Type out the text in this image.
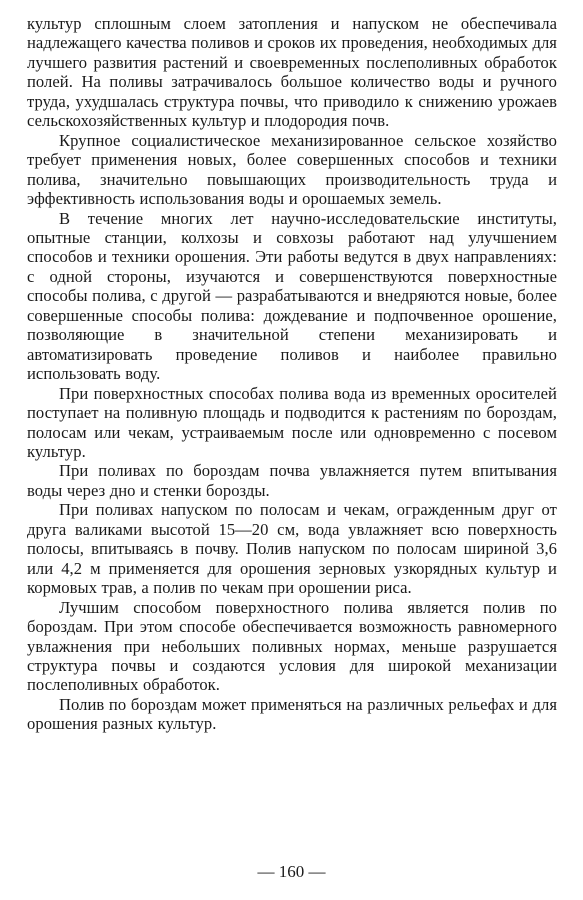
культур сплошным слоем затопления и напуском не обеспечивала надлежащего качества поливов и сроков их проведения, необходимых для лучшего развития растений и своевременных послеполивных обработок полей. На поливы затрачивалось большое количество воды и ручного труда, ухудшалась структура почвы, что приводило к снижению урожаев сельскохозяйственных культур и плодородия почв.

Крупное социалистическое механизированное сельское хозяйство требует применения новых, более совершенных способов и техники полива, значительно повышающих производительность труда и эффективность использования воды и орошаемых земель.

В течение многих лет научно-исследовательские институты, опытные станции, колхозы и совхозы работают над улучшением способов и техники орошения. Эти работы ведутся в двух направлениях: с одной стороны, изучаются и совершенствуются поверхностные способы полива, с другой — разрабатываются и внедряются новые, более совершенные способы полива: дождевание и подпочвенное орошение, позволяющие в значительной степени механизировать и автоматизировать проведение поливов и наиболее правильно использовать воду.

При поверхностных способах полива вода из временных оросителей поступает на поливную площадь и подводится к растениям по бороздам, полосам или чекам, устраиваемым после или одновременно с посевом культур.

При поливах по бороздам почва увлажняется путем впитывания воды через дно и стенки борозды.

При поливах напуском по полосам и чекам, огражденным друг от друга валиками высотой 15—20 см, вода увлажняет всю поверхность полосы, впитываясь в почву. Полив напуском по полосам шириной 3,6 или 4,2 м применяется для орошения зерновых узкорядных культур и кормовых трав, а полив по чекам при орошении риса.

Лучшим способом поверхностного полива является полив по бороздам. При этом способе обеспечивается возможность равномерного увлажнения при небольших поливных нормах, меньше разрушается структура почвы и создаются условия для широкой механизации послеполивных обработок.

Полив по бороздам может применяться на различных рельефах и для орошения разных культур.

— 160 —
